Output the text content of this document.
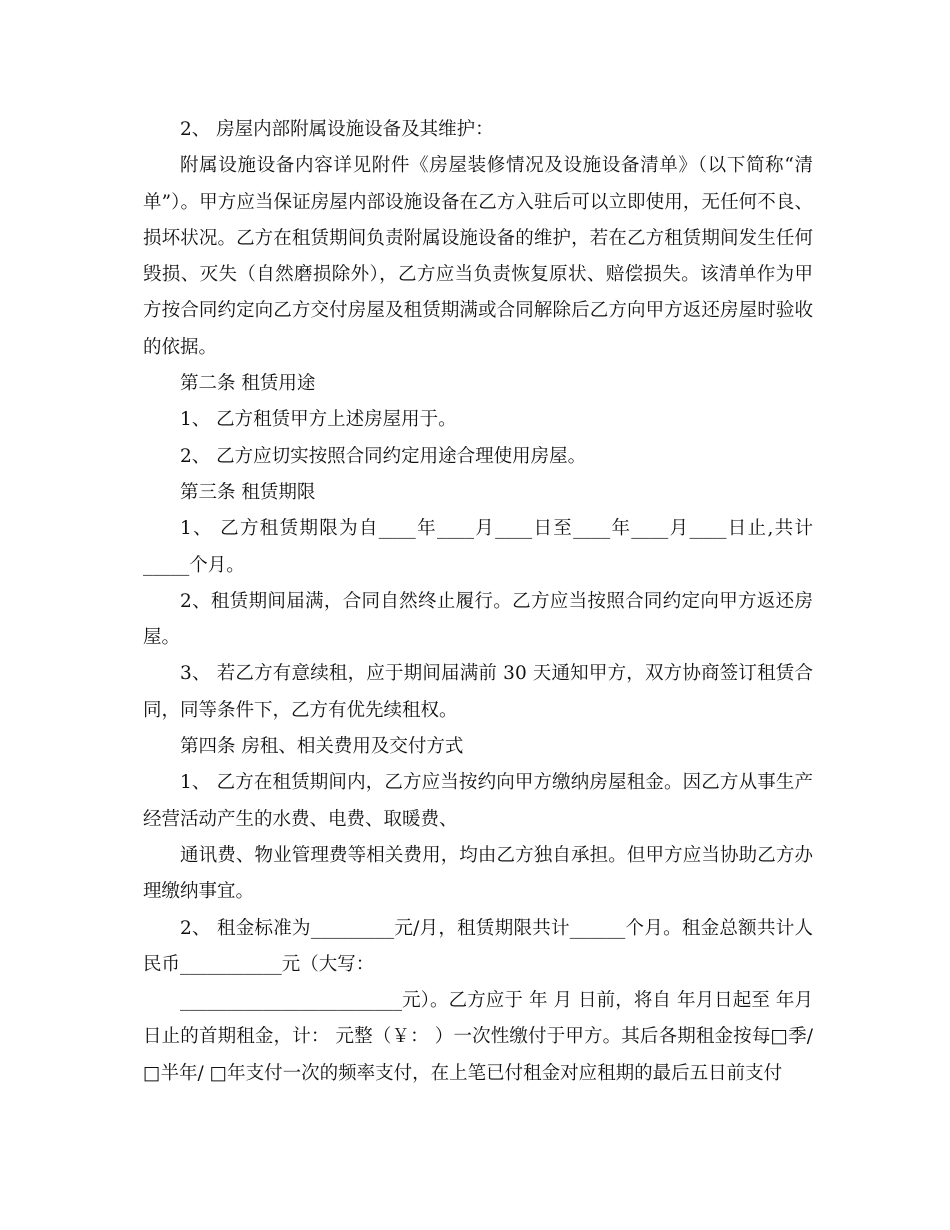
2、 房屋内部附属设施设备及其维护：

附属设施设备内容详见附件《房屋装修情况及设施设备清单》（以下简称“清单”）。甲方应当保证房屋内部设施设备在乙方入驻后可以立即使用，无任何不良、损坏状况。乙方在租赁期间负责附属设施设备的维护，若在乙方租赁期间发生任何毁损、灭失（自然磨损除外），乙方应当负责恢复原状、赔偿损失。该清单作为甲方按合同约定向乙方交付房屋及租赁期满或合同解除后乙方向甲方返还房屋时验收的依据。

第二条 租赁用途

1、 乙方租赁甲方上述房屋用于。

2、 乙方应切实按照合同约定用途合理使用房屋。

第三条 租赁期限

1、 乙方租赁期限为自____年____月____日至____年____月____日止,共计_____个月。

2、租赁期间届满，合同自然终止履行。乙方应当按照合同约定向甲方返还房屋。

3、 若乙方有意续租，应于期间届满前 30 天通知甲方，双方协商签订租赁合同，同等条件下，乙方有优先续租权。

第四条 房租、相关费用及交付方式

1、 乙方在租赁期间内，乙方应当按约向甲方缴纳房屋租金。因乙方从事生产经营活动产生的水费、电费、取暖费、

通讯费、物业管理费等相关费用，均由乙方独自承担。但甲方应当协助乙方办理缴纳事宜。

2、 租金标准为_________元/月，租赁期限共计______个月。租金总额共计人民币___________元（大写：

________________________元）。乙方应于 年 月 日前，将自 年月日起至 年月日止的首期租金，计： 元整（￥： ）一次性缴付于甲方。其后各期租金按每□季/□半年/ □年支付一次的频率支付，在上笔已付租金对应租期的最后五日前支付
